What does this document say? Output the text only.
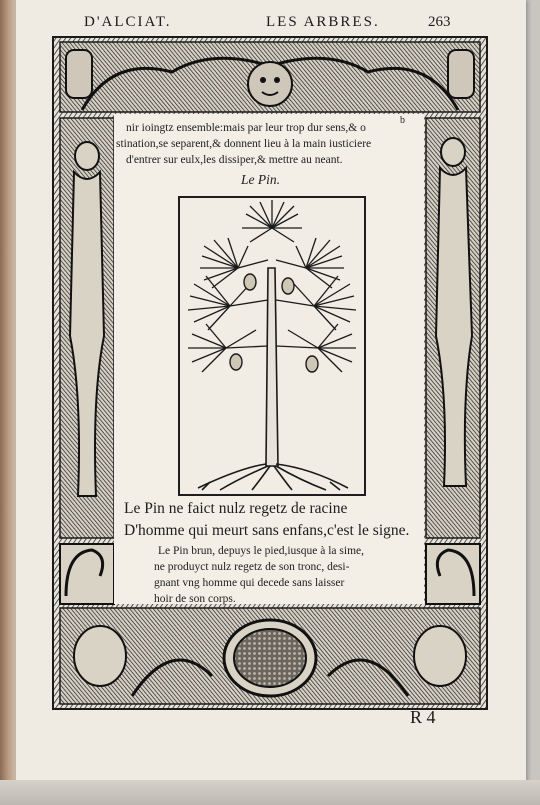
D'ALCIAT.	LES ARBRES.	263
nir ioingtz ensemble:mais par leur trop dur sens,& o
b
stination,se separent,& donnent lieu à la main iusticiere
d'entrer sur eulx,les dissiper,& mettre au neant.
Le Pin.
Le Pin ne faict nulz regetz de racine
D'homme qui meurt sans enfans,c'est le signe.
Le Pin brun, depuys le pied,iusque à la sime,
ne produyct nulz regetz de son tronc, desi-
gnant vng homme qui decede sans laisser
hoir de son corps.
R 4
